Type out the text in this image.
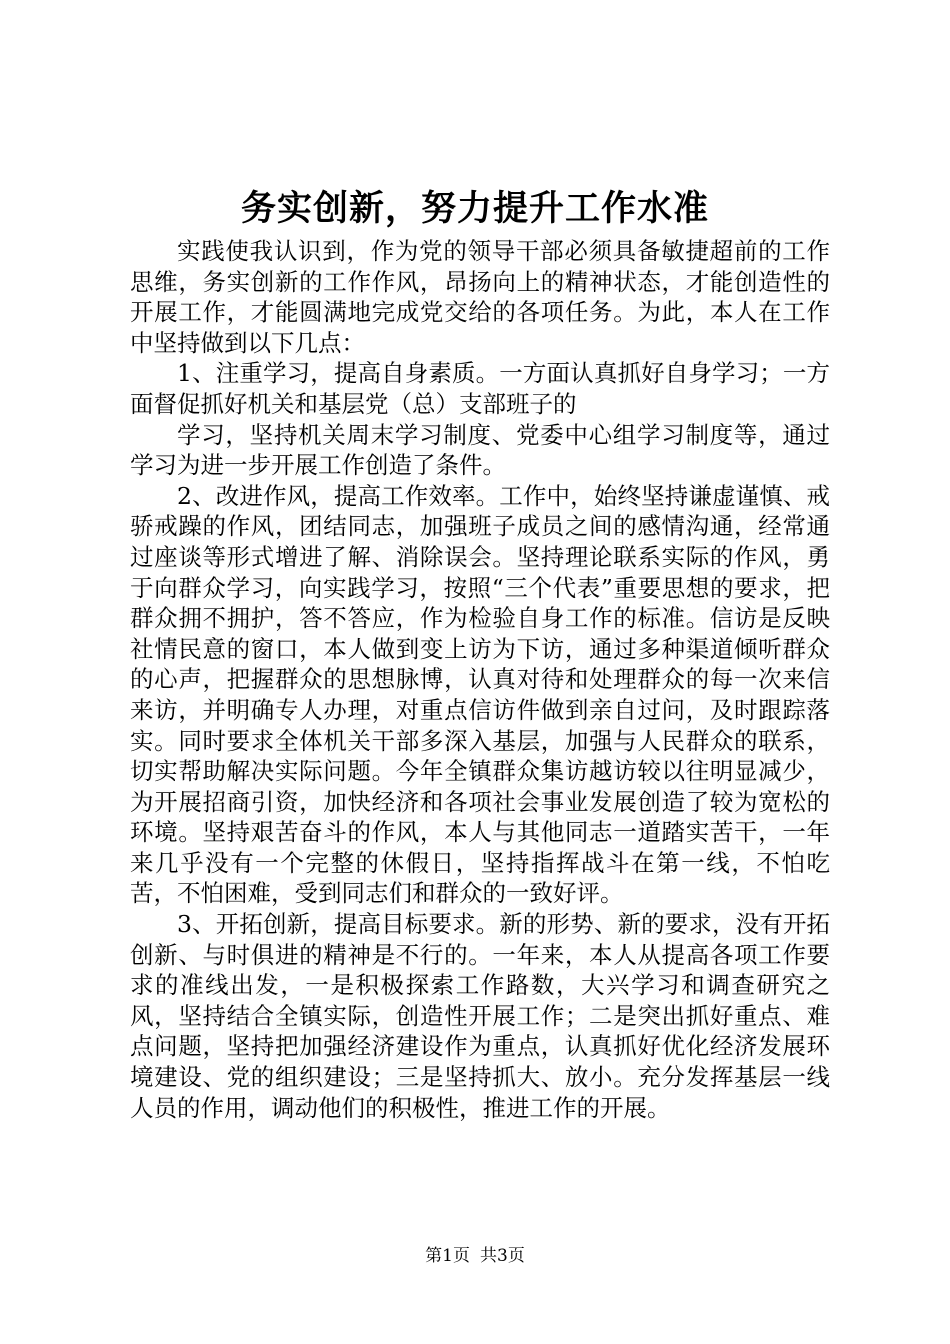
务实创新，努力提升工作水准

实践使我认识到，作为党的领导干部必须具备敏捷超前的工作思维，务实创新的工作作风，昂扬向上的精神状态，才能创造性的开展工作，才能圆满地完成党交给的各项任务。为此，本人在工作中坚持做到以下几点：

1、注重学习，提高自身素质。一方面认真抓好自身学习；一方面督促抓好机关和基层党（总）支部班子的

学习，坚持机关周末学习制度、党委中心组学习制度等，通过学习为进一步开展工作创造了条件。

2、改进作风，提高工作效率。工作中，始终坚持谦虚谨慎、戒骄戒躁的作风，团结同志，加强班子成员之间的感情沟通，经常通过座谈等形式增进了解、消除误会。坚持理论联系实际的作风，勇于向群众学习，向实践学习，按照“三个代表”重要思想的要求，把群众拥不拥护，答不答应，作为检验自身工作的标准。信访是反映社情民意的窗口，本人做到变上访为下访，通过多种渠道倾听群众的心声，把握群众的思想脉博，认真对待和处理群众的每一次来信来访，并明确专人办理，对重点信访件做到亲自过问，及时跟踪落实。同时要求全体机关干部多深入基层，加强与人民群众的联系，切实帮助解决实际问题。今年全镇群众集访越访较以往明显减少，为开展招商引资，加快经济和各项社会事业发展创造了较为宽松的环境。坚持艰苦奋斗的作风，本人与其他同志一道踏实苦干，一年来几乎没有一个完整的休假日，坚持指挥战斗在第一线，不怕吃苦，不怕困难，受到同志们和群众的一致好评。

3、开拓创新，提高目标要求。新的形势、新的要求，没有开拓创新、与时俱进的精神是不行的。一年来，本人从提高各项工作要求的准线出发，一是积极探索工作路数，大兴学习和调查研究之风，坚持结合全镇实际，创造性开展工作；二是突出抓好重点、难点问题，坚持把加强经济建设作为重点，认真抓好优化经济发展环境建设、党的组织建设；三是坚持抓大、放小。充分发挥基层一线人员的作用，调动他们的积极性，推进工作的开展。

第1页 共3页
